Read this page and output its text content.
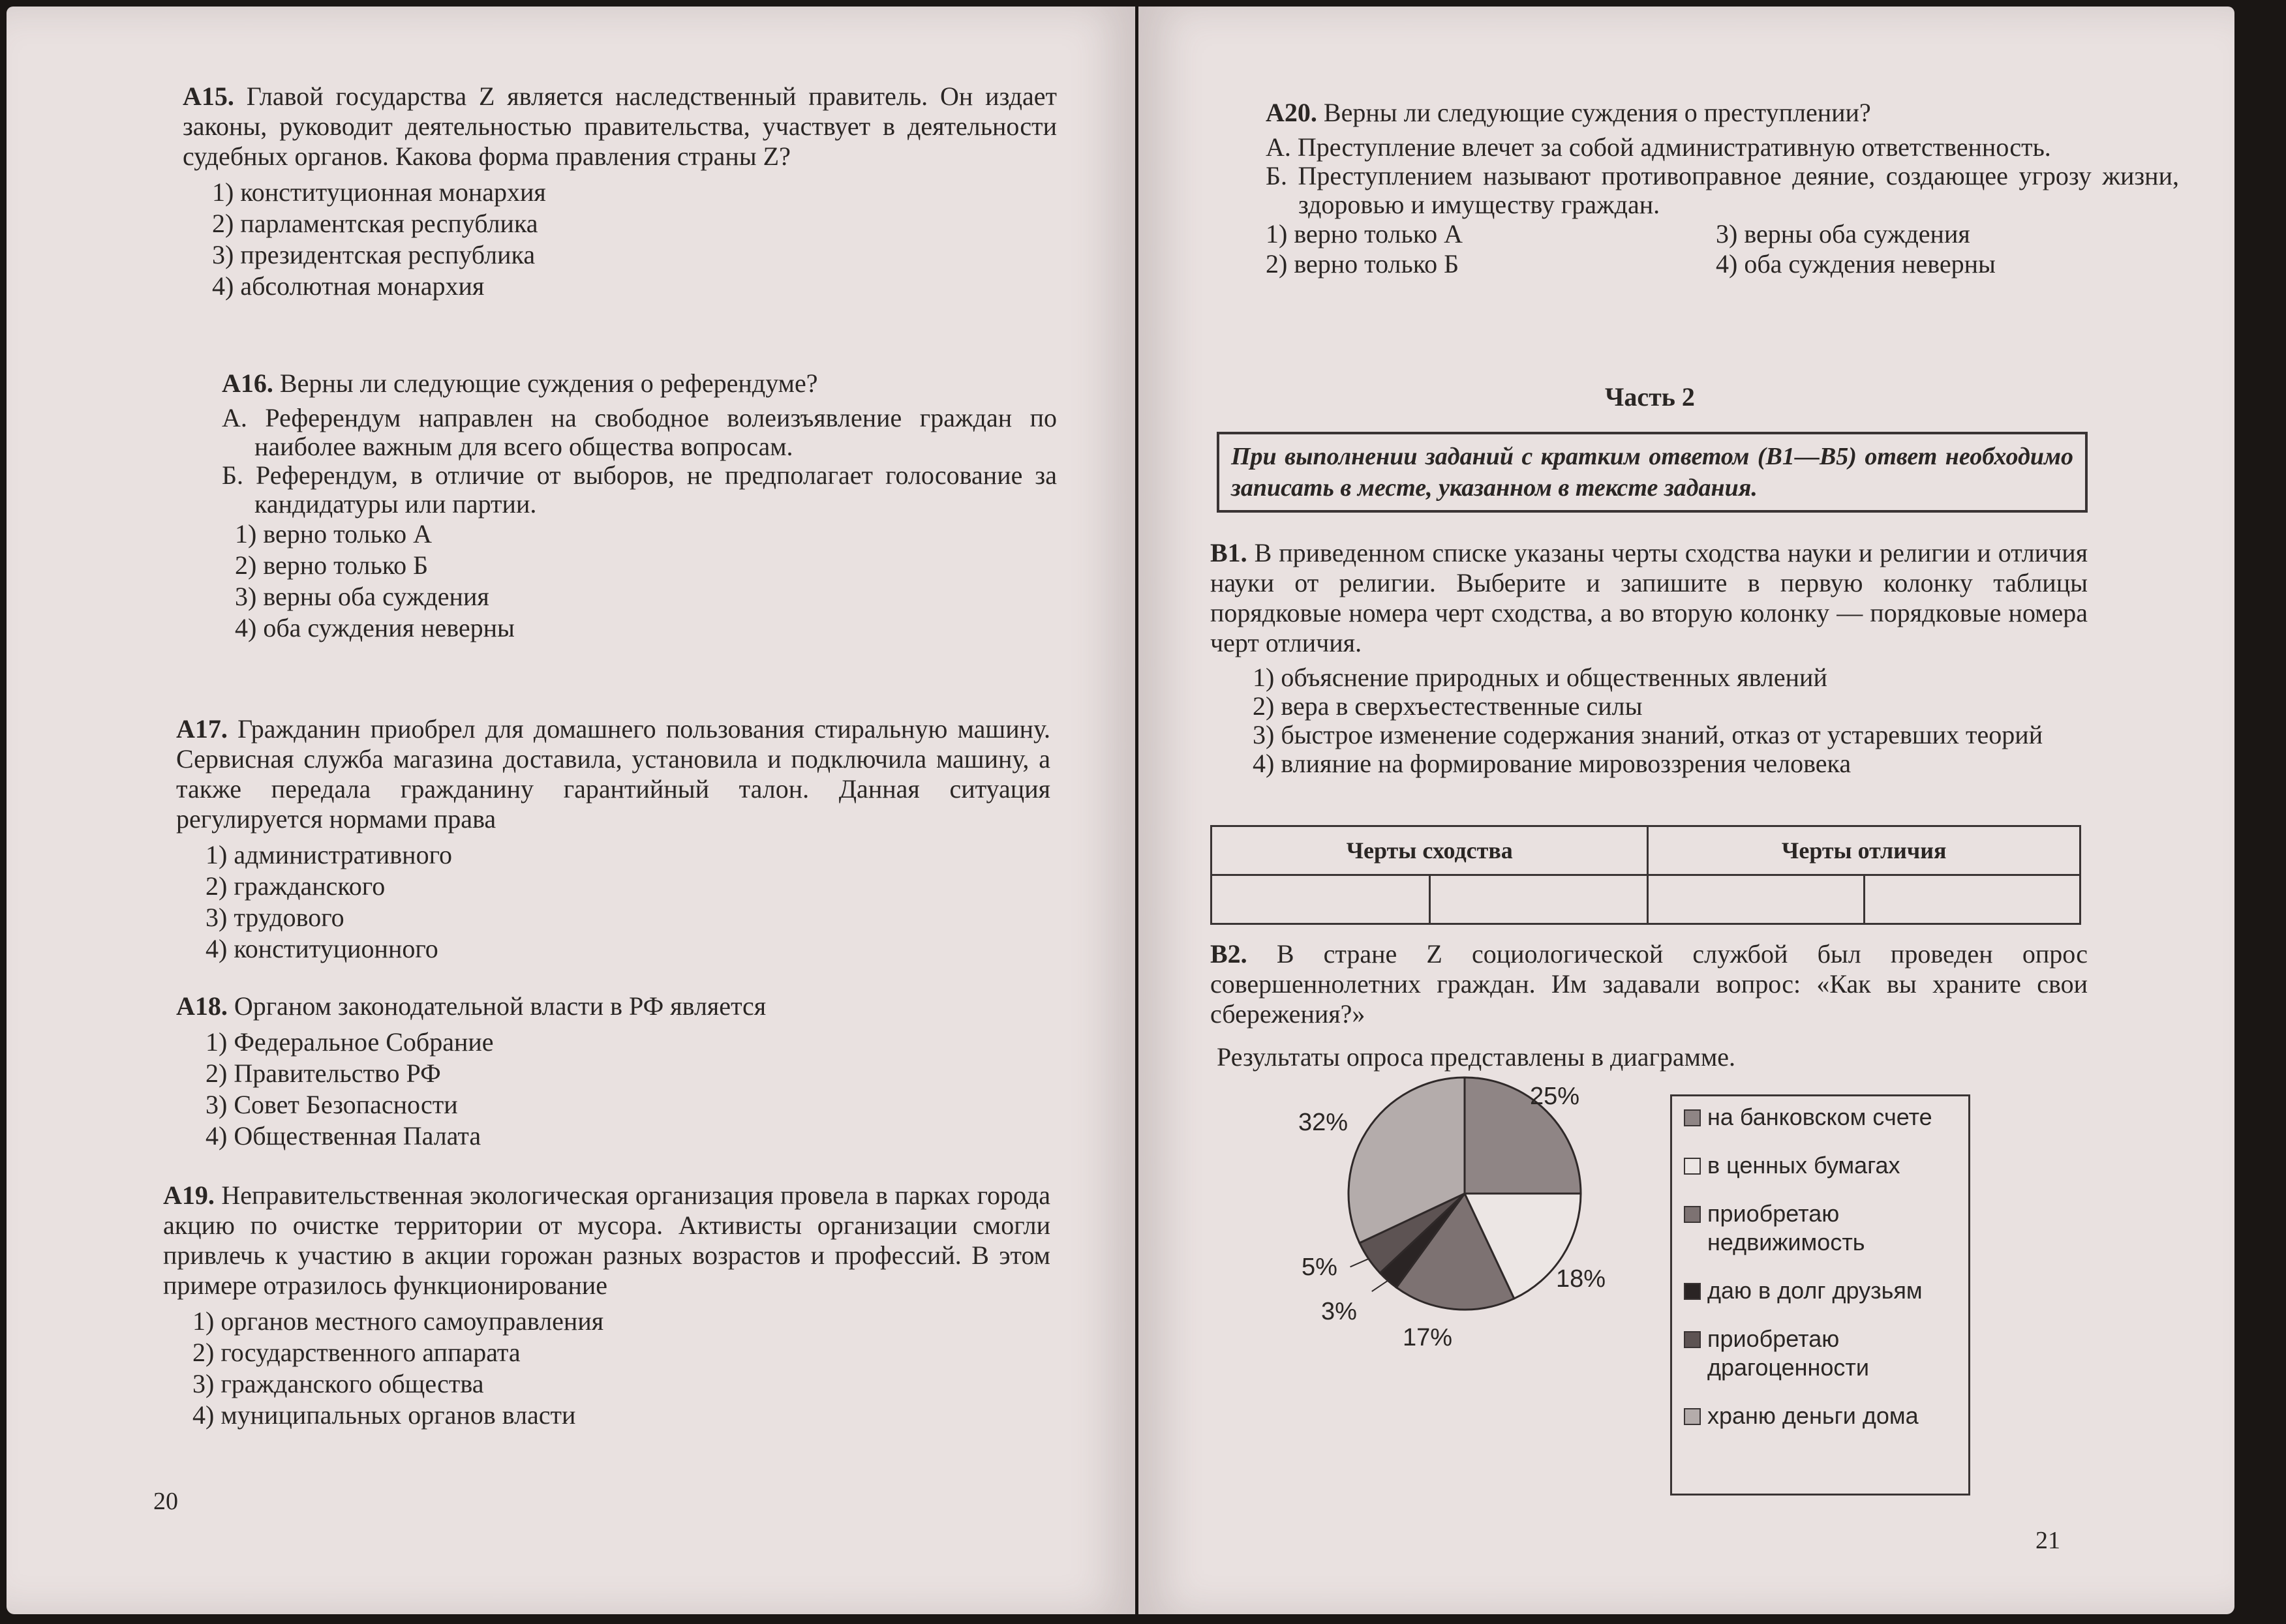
A15. Главой государства Z является наследственный правитель. Он издает законы, руководит деятельностью правительства, участвует в деятельности судебных органов. Какова форма правления страны Z?

1) конституционная монархия
2) парламентская республика
3) президентская республика
4) абсолютная монархия

A16. Верны ли следующие суждения о референдуме?

А. Референдум направлен на свободное волеизъявление граждан по наиболее важным для всего общества вопросам.
Б. Референдум, в отличие от выборов, не предполагает голосование за кандидатуры или партии.
1) верно только А
2) верно только Б
3) верны оба суждения
4) оба суждения неверны

A17. Гражданин приобрел для домашнего пользования стиральную машину. Сервисная служба магазина доставила, установила и подключила машину, а также передала гражданину гарантийный талон. Данная ситуация регулируется нормами права

1) административного
2) гражданского
3) трудового
4) конституционного

A18. Органом законодательной власти в РФ является

1) Федеральное Собрание
2) Правительство РФ
3) Совет Безопасности
4) Общественная Палата

A19. Неправительственная экологическая организация провела в парках города акцию по очистке территории от мусора. Активисты организации смогли привлечь к участию в акции горожан разных возрастов и профессий. В этом примере отразилось функционирование

1) органов местного самоуправления
2) государственного аппарата
3) гражданского общества
4) муниципальных органов власти
20

A20. Верны ли следующие суждения о преступлении?

А. Преступление влечет за собой административную ответственность.
Б. Преступлением называют противоправное деяние, создающее угрозу жизни, здоровью и имуществу граждан.
1) верно только А	3) верны оба суждения
2) верно только Б	4) оба суждения неверны
Часть 2
При выполнении заданий с кратким ответом (В1—В5) ответ необходимо записать в месте, указанном в тексте задания.

В1. В приведенном списке указаны черты сходства науки и религии и отличия науки от религии. Выберите и запишите в первую колонку таблицы порядковые номера черт сходства, а во вторую колонку — порядковые номера черт отличия.

1) объяснение природных и общественных явлений
2) вера в сверхъестественные силы
3) быстрое изменение содержания знаний, отказ от устаревших теорий
4) влияние на формирование мировоззрения человека
Черты сходства		Черты отличия	

В2. В стране Z социологической службой был проведен опрос совершеннолетних граждан. Им задавали вопрос: «Как вы храните свои сбережения?»

Результаты опроса представлены в диаграмме.

25%
18%
17%
3%
5%
32%	на банковском счете
в ценных бумагах
приобретаю недвижимость
даю в долг друзьям
приобретаю драгоценности
храню деньги дома
21
